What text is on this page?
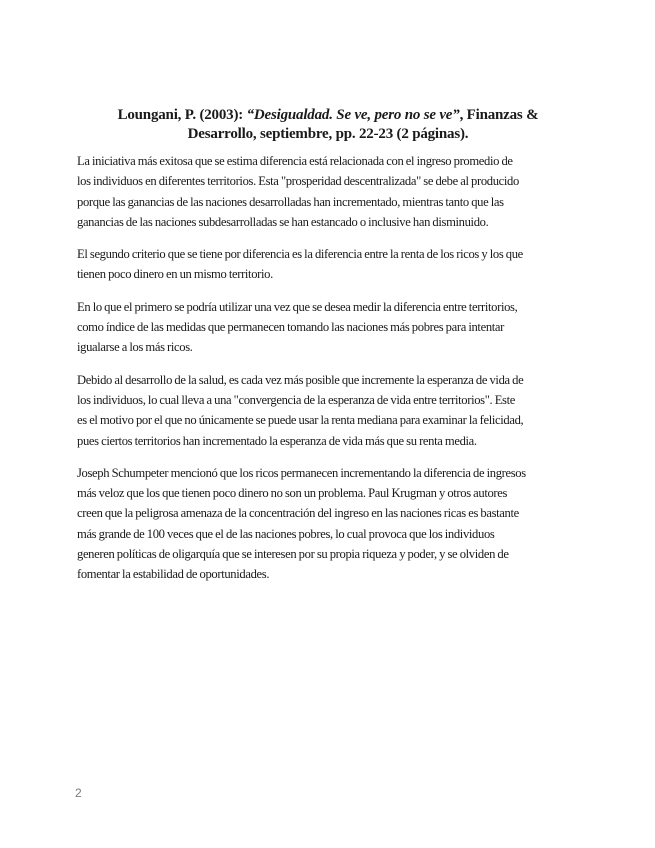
Loungani, P. (2003): “Desigualdad. Se ve, pero no se ve”, Finanzas &
Desarrollo, septiembre, pp. 22-23 (2 páginas).

La iniciativa más exitosa que se estima diferencia está relacionada con el ingreso promedio de
los individuos en diferentes territorios. Esta "prosperidad descentralizada" se debe al producido
porque las ganancias de las naciones desarrolladas han incrementado, mientras tanto que las
ganancias de las naciones subdesarrolladas se han estancado o inclusive han disminuido.

El segundo criterio que se tiene por diferencia es la diferencia entre la renta de los ricos y los que
tienen poco dinero en un mismo territorio.

En lo que el primero se podría utilizar una vez que se desea medir la diferencia entre territorios,
como índice de las medidas que permanecen tomando las naciones más pobres para intentar
igualarse a los más ricos.

Debido al desarrollo de la salud, es cada vez más posible que incremente la esperanza de vida de
los individuos, lo cual lleva a una "convergencia de la esperanza de vida entre territorios". Este
es el motivo por el que no únicamente se puede usar la renta mediana para examinar la felicidad,
pues ciertos territorios han incrementado la esperanza de vida más que su renta media.

Joseph Schumpeter mencionó que los ricos permanecen incrementando la diferencia de ingresos
más veloz que los que tienen poco dinero no son un problema. Paul Krugman y otros autores
creen que la peligrosa amenaza de la concentración del ingreso en las naciones ricas es bastante
más grande de 100 veces que el de las naciones pobres, lo cual provoca que los individuos
generen políticas de oligarquía que se interesen por su propia riqueza y poder, y se olviden de
fomentar la estabilidad de oportunidades.

2
